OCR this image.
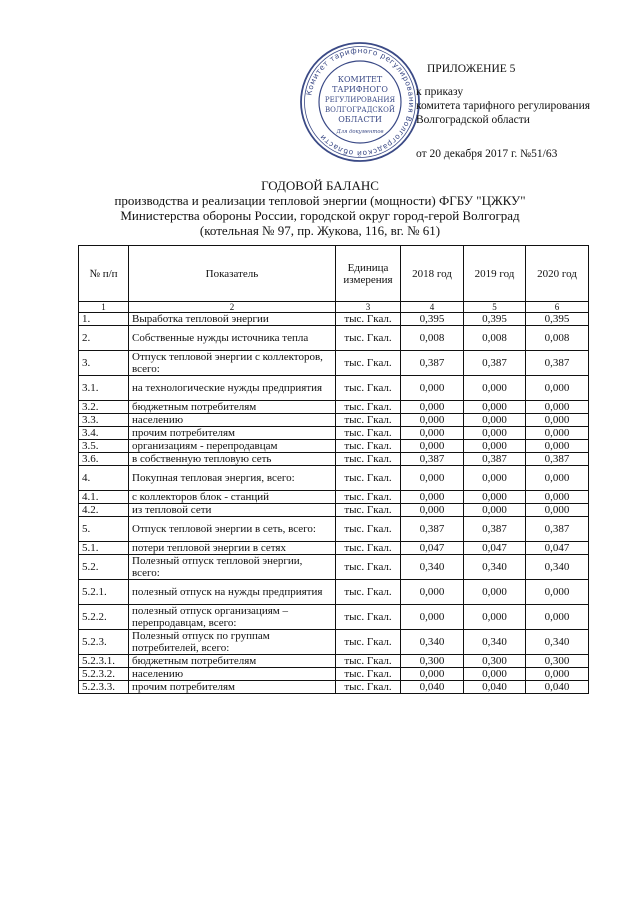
Комитет тарифного регулирования Волгоградской области
КОМИТЕТ
ТАРИФНОГО
РЕГУЛИРОВАНИЯ
ВОЛГОГРАДСКОЙ
ОБЛАСТИ
Для документов
ПРИЛОЖЕНИЕ 5
к приказу
комитета тарифного регулирования
Волгоградской области
от 20 декабря 2017 г. №51/63
ГОДОВОЙ БАЛАНС
производства и реализации тепловой энергии (мощности) ФГБУ "ЦЖКУ"
Министерства обороны России, городской округ город-герой Волгоград
(котельная № 97, пр. Жукова, 116, вг. № 61)
№ п/п	Показатель	Единица измерения	2018 год	2019 год	2020 год
1	2	3	4	5	6
1.	Выработка тепловой энергии	тыс. Гкал.	0,395	0,395	0,395
2.	Собственные нужды источника тепла	тыс. Гкал.	0,008	0,008	0,008
3.	Отпуск тепловой энергии с коллекторов, всего:	тыс. Гкал.	0,387	0,387	0,387
3.1.	на технологические нужды предприятия	тыс. Гкал.	0,000	0,000	0,000
3.2.	бюджетным потребителям	тыс. Гкал.	0,000	0,000	0,000
3.3.	населению	тыс. Гкал.	0,000	0,000	0,000
3.4.	прочим потребителям	тыс. Гкал.	0,000	0,000	0,000
3.5.	организациям - перепродавцам	тыс. Гкал.	0,000	0,000	0,000
3.6.	в собственную тепловую сеть	тыс. Гкал.	0,387	0,387	0,387
4.	Покупная тепловая энергия, всего:	тыс. Гкал.	0,000	0,000	0,000
4.1.	с коллекторов блок - станций	тыс. Гкал.	0,000	0,000	0,000
4.2.	из тепловой сети	тыс. Гкал.	0,000	0,000	0,000
5.	Отпуск тепловой энергии в сеть, всего:	тыс. Гкал.	0,387	0,387	0,387
5.1.	потери тепловой энергии в сетях	тыс. Гкал.	0,047	0,047	0,047
5.2.	Полезный отпуск тепловой энергии, всего:	тыс. Гкал.	0,340	0,340	0,340
5.2.1.	полезный отпуск на нужды предприятия	тыс. Гкал.	0,000	0,000	0,000
5.2.2.	полезный отпуск организациям – перепродавцам, всего:	тыс. Гкал.	0,000	0,000	0,000
5.2.3.	Полезный отпуск по группам потребителей, всего:	тыс. Гкал.	0,340	0,340	0,340
5.2.3.1.	бюджетным потребителям	тыс. Гкал.	0,300	0,300	0,300
5.2.3.2.	населению	тыс. Гкал.	0,000	0,000	0,000
5.2.3.3.	прочим потребителям	тыс. Гкал.	0,040	0,040	0,040
